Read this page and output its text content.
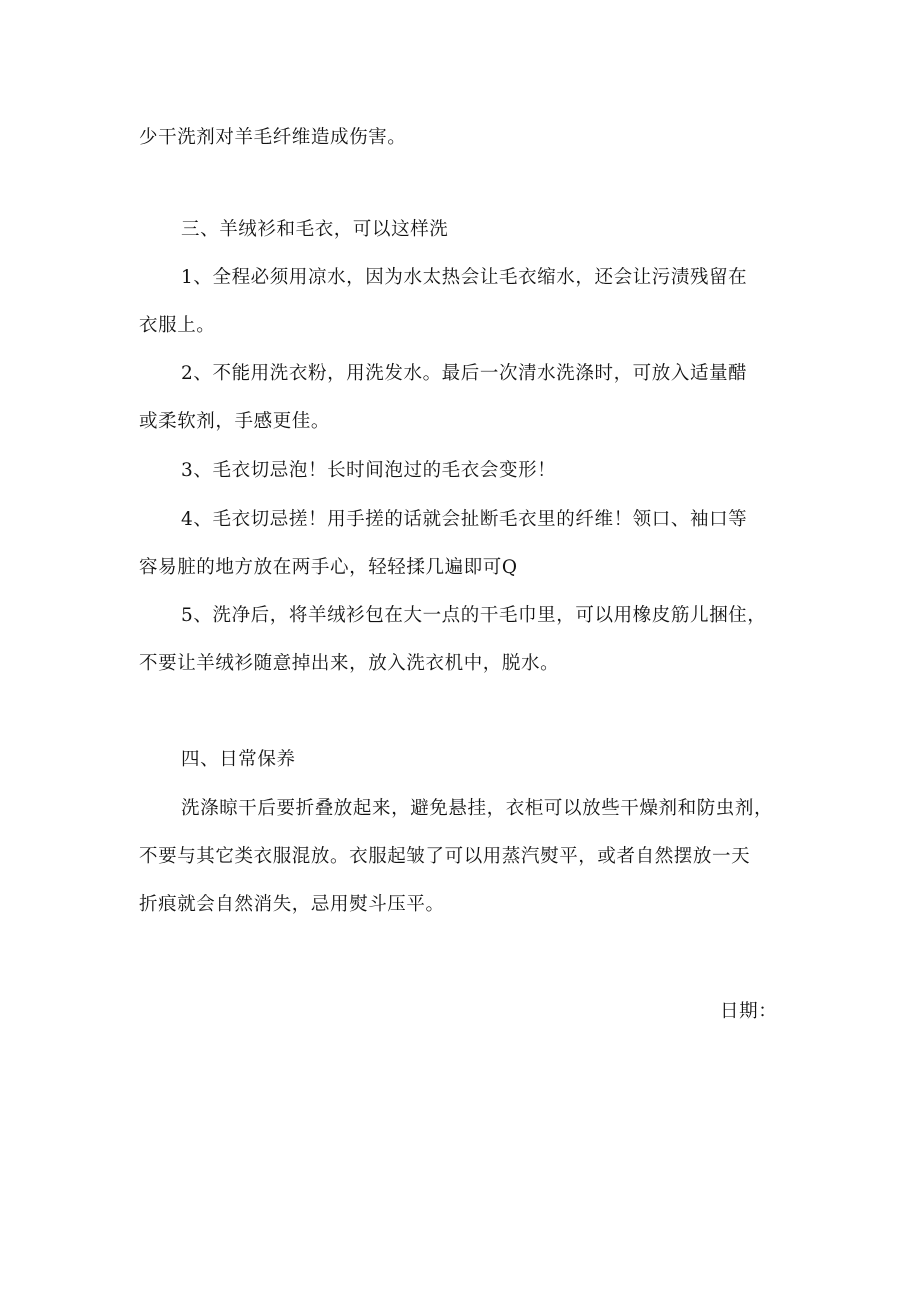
少干洗剂对羊毛纤维造成伤害。
三、羊绒衫和毛衣，可以这样洗
1、全程必须用凉水，因为水太热会让毛衣缩水，还会让污渍残留在
衣服上。
2、不能用洗衣粉，用洗发水。最后一次清水洗涤时，可放入适量醋
或柔软剂，手感更佳。
3、毛衣切忌泡！长时间泡过的毛衣会变形！
4、毛衣切忌搓！用手搓的话就会扯断毛衣里的纤维！领口、袖口等
容易脏的地方放在两手心，轻轻揉几遍即可Q
5、洗净后，将羊绒衫包在大一点的干毛巾里，可以用橡皮筋儿捆住，
不要让羊绒衫随意掉出来，放入洗衣机中，脱水。
四、日常保养
洗涤晾干后要折叠放起来，避免悬挂，衣柜可以放些干燥剂和防虫剂，
不要与其它类衣服混放。衣服起皱了可以用蒸汽熨平，或者自然摆放一天
折痕就会自然消失，忌用熨斗压平。
日期：
